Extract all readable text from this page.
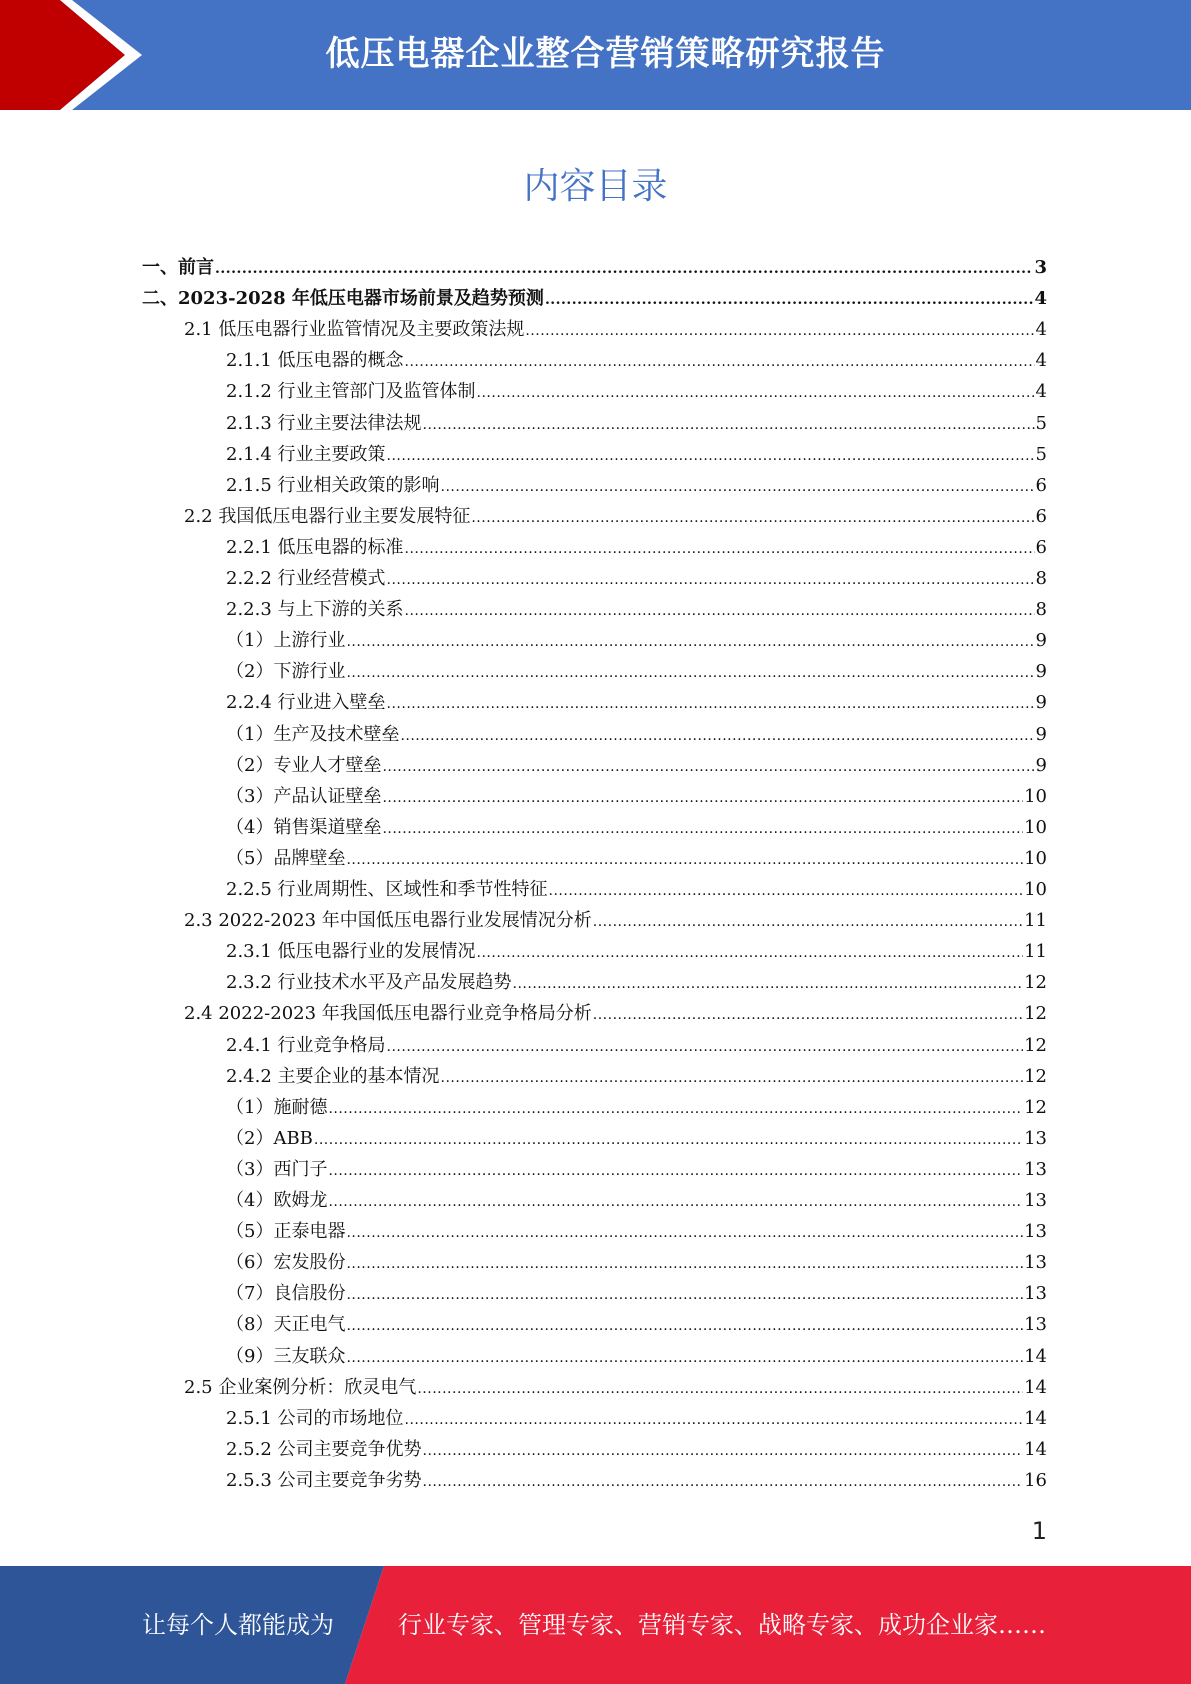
低压电器企业整合营销策略研究报告
内容目录
一、前言 .....	3
二、2023-2028 年低压电器市场前景及趋势预测 .....	4
2.1 低压电器行业监管情况及主要政策法规 .....	4
2.1.1 低压电器的概念 .....	4
2.1.2 行业主管部门及监管体制 .....	4
2.1.3 行业主要法律法规 .....	5
2.1.4 行业主要政策 .....	5
2.1.5 行业相关政策的影响 .....	6
2.2 我国低压电器行业主要发展特征 .....	6
2.2.1 低压电器的标准 .....	6
2.2.2 行业经营模式 .....	8
2.2.3 与上下游的关系 .....	8
（1）上游行业 .....	9
（2）下游行业 .....	9
2.2.4 行业进入壁垒 .....	9
（1）生产及技术壁垒 .....	9
（2）专业人才壁垒 .....	9
（3）产品认证壁垒 .....	10
（4）销售渠道壁垒 .....	10
（5）品牌壁垒 .....	10
2.2.5 行业周期性、区域性和季节性特征 .....	10
2.3 2022-2023 年中国低压电器行业发展情况分析 .....	11
2.3.1 低压电器行业的发展情况 .....	11
2.3.2 行业技术水平及产品发展趋势 .....	12
2.4 2022-2023 年我国低压电器行业竞争格局分析 .....	12
2.4.1 行业竞争格局 .....	12
2.4.2 主要企业的基本情况 .....	12
（1）施耐德 .....	12
（2）ABB .....	13
（3）西门子 .....	13
（4）欧姆龙 .....	13
（5）正泰电器 .....	13
（6）宏发股份 .....	13
（7）良信股份 .....	13
（8）天正电气 .....	13
（9）三友联众 .....	14
2.5 企业案例分析：欣灵电气 .....	14
2.5.1 公司的市场地位 .....	14
2.5.2 公司主要竞争优势 .....	14
2.5.3 公司主要竞争劣势 .....	16
1
让每个人都能成为	行业专家、管理专家、营销专家、战略专家、成功企业家……
